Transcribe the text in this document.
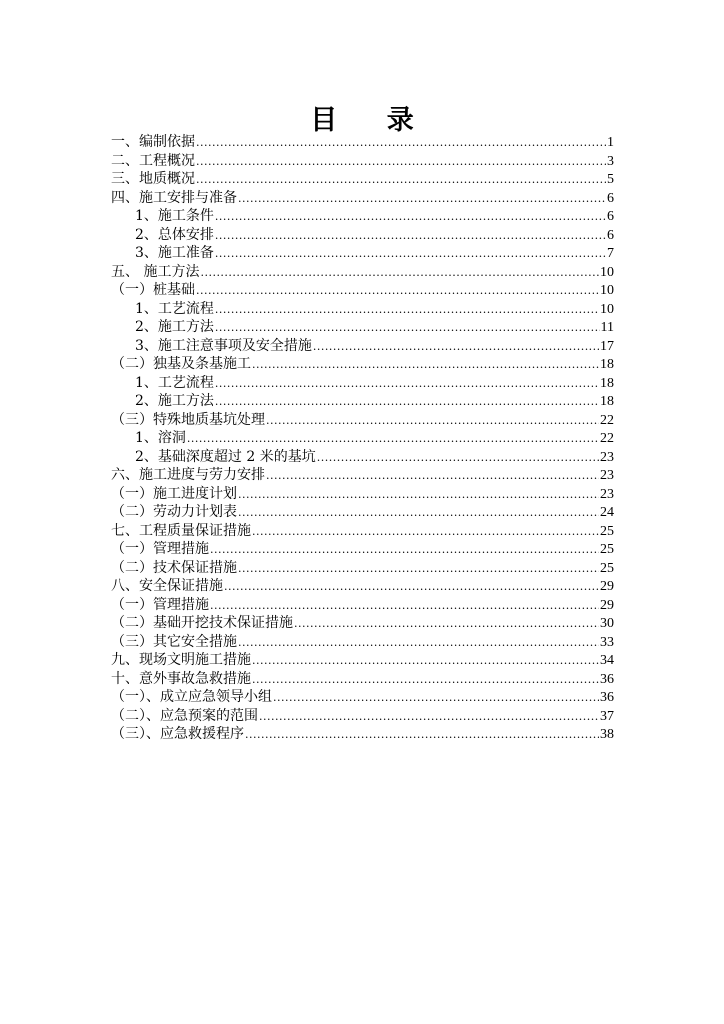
目 录
一、编制依据 .....	1
二、工程概况 .....	3
三、地质概况 .....	5
四、施工安排与准备 .....	6
1、施工条件 .....	6
2、总体安排 .....	6
3、施工准备 .....	7
五、 施工方法 .....	10
（一）桩基础 .....	10
1、工艺流程 .....	10
2、施工方法 .....	11
3、施工注意事项及安全措施 .....	17
（二）独基及条基施工 .....	18
1、工艺流程 .....	18
2、施工方法 .....	18
（三）特殊地质基坑处理 .....	22
1、溶洞 .....	22
2、基础深度超过 2 米的基坑 .....	23
六、施工进度与劳力安排 .....	23
（一）施工进度计划 .....	23
（二）劳动力计划表 .....	24
七、工程质量保证措施 .....	25
（一）管理措施 .....	25
（二）技术保证措施 .....	25
八、安全保证措施 .....	29
（一）管理措施 .....	29
（二）基础开挖技术保证措施 .....	30
（三）其它安全措施 .....	33
九、现场文明施工措施 .....	34
十、意外事故急救措施 .....	36
（一）、成立应急领导小组 .....	36
（二）、应急预案的范围 .....	37
（三）、应急救援程序 .....	38
